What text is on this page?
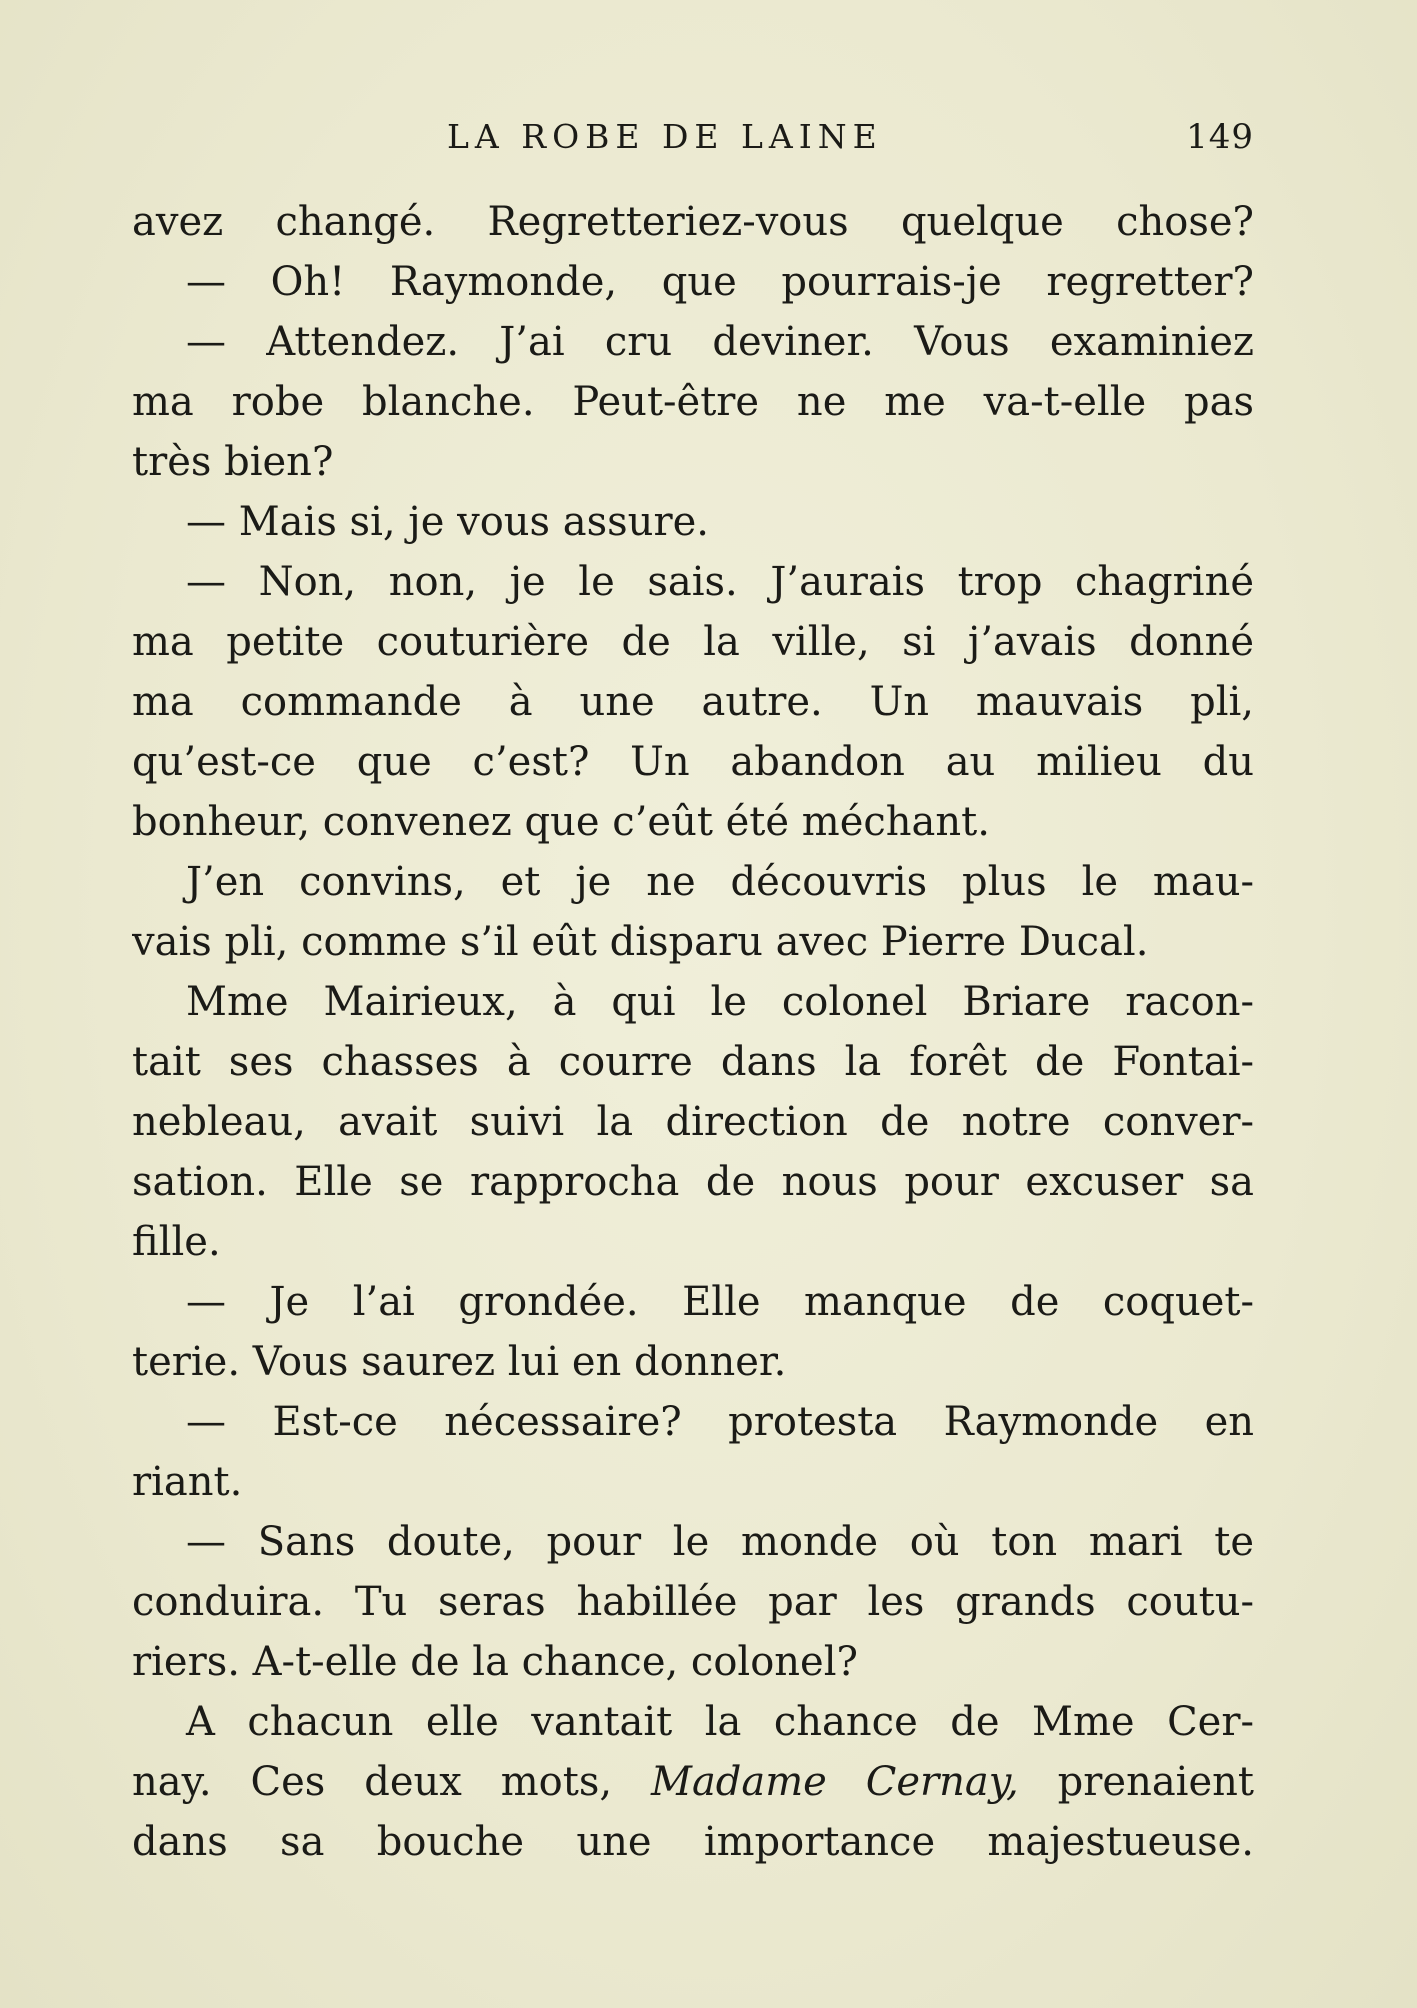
LA ROBE DE LAINE	149
avez changé. Regretteriez-vous quelque chose?
— Oh! Raymonde, que pourrais-je regretter?
— Attendez. J’ai cru deviner. Vous examiniez
ma robe blanche. Peut-être ne me va-t-elle pas
très bien?
— Mais si, je vous assure.
— Non, non, je le sais. J’aurais trop chagriné
ma petite couturière de la ville, si j’avais donné
ma commande à une autre. Un mauvais pli,
qu’est-ce que c’est? Un abandon au milieu du
bonheur, convenez que c’eût été méchant.
J’en convins, et je ne découvris plus le mau-
vais pli, comme s’il eût disparu avec Pierre Ducal.
Mme Mairieux, à qui le colonel Briare racon-
tait ses chasses à courre dans la forêt de Fontai-
nebleau, avait suivi la direction de notre conver-
sation. Elle se rapprocha de nous pour excuser sa
fille.
— Je l’ai grondée. Elle manque de coquet-
terie. Vous saurez lui en donner.
— Est-ce nécessaire? protesta Raymonde en
riant.
— Sans doute, pour le monde où ton mari te
conduira. Tu seras habillée par les grands coutu-
riers. A-t-elle de la chance, colonel?
A chacun elle vantait la chance de Mme Cer-
nay. Ces deux mots, Madame Cernay, prenaient
dans sa bouche une importance majestueuse.
